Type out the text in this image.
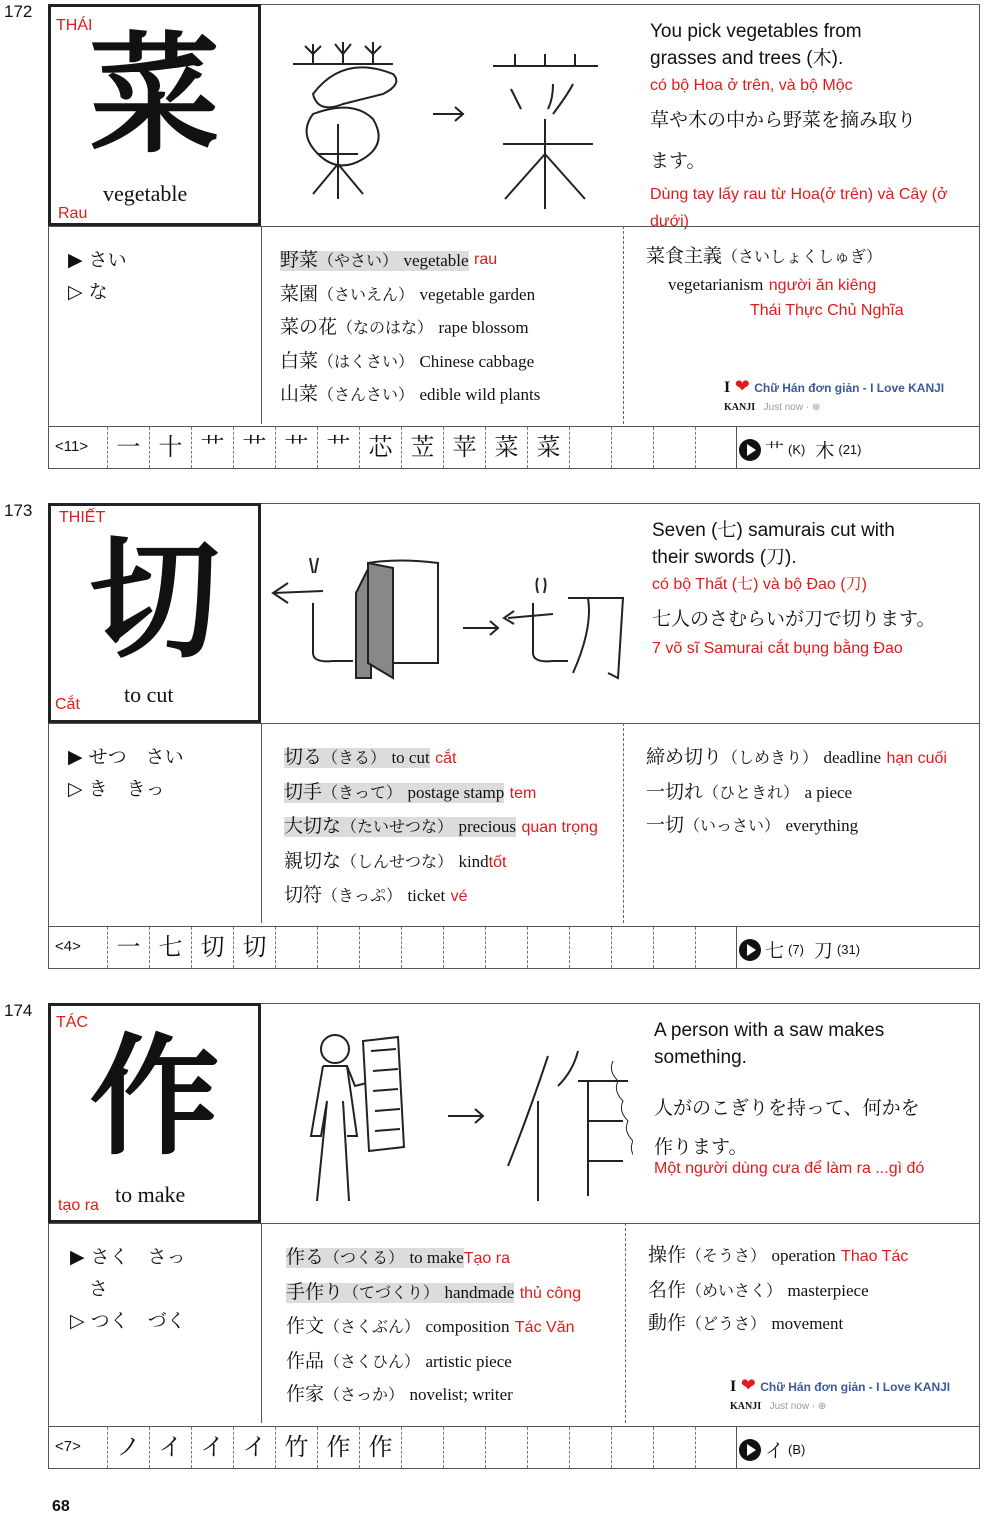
172
THÁI
菜
vegetable
Rau
You pick vegetables from
grasses and trees (木).
có bộ Hoa ở trên, và bộ Mộc
草や木の中から野菜を摘み取り
ます。
Dùng tay lấy rau từ Hoa(ở trên) và Cây (ở dưới)
▶ さい
▷ な
野菜（やさい） vegetable rau
菜園（さいえん） vegetable garden
菜の花（なのはな） rape blossom
白菜（はくさい） Chinese cabbage
山菜（さんさい） edible wild plants
菜食主義（さいしょくしゅぎ）
vegetarianism người ăn kiêng
Thái Thực Chủ Nghĩa
I ❤ Chữ Hán đơn giản - I Love KANJI
KANJI Just now · ⊕
<11>	一 十 艹 艹 艹 艹 芯 苙 苹 菜 菜	艹 (K) 木 (21)
173 THIẾT
切
to cut
Cắt
Seven (七) samurais cut with
their swords (刀).
có bộ Thất (七) và bộ Đao (刀)
七人のさむらいが刀で切ります。
7 võ sĩ Samurai cắt bụng bằng Đao
▶ せつ　さい
▷ き　きっ
切る（きる） to cut cắt
切手（きって） postage stamp tem
大切な（たいせつな） precious quan trọng
親切な（しんせつな） kindtốt
切符（きっぷ） ticket vé
締め切り（しめきり） deadline hạn cuối
一切れ（ひときれ） a piece
一切（いっさい） everything
<4>	一 七 切 切	七 (7) 刀 (31)
174
TÁC 作
to make
tạo ra
A person with a saw makes
something.
人がのこぎりを持って、何かを
作ります。
Một người dùng cưa để làm ra ...gì đó
▶ さく　さっ
　さ
▷ つく　づく
作る（つくる） to makeTạo ra
手作り（てづくり） handmade thủ công
作文（さくぶん） composition Tác Văn
作品（さくひん） artistic piece
作家（さっか） novelist; writer
操作（そうさ） operation Thao Tác
名作（めいさく） masterpiece
動作（どうさ） movement
I ❤ Chữ Hán đơn giản - I Love KANJI
KANJI Just now · ⊕
<7>	ノ イ イ イ 竹 作 作	イ (B)
68
